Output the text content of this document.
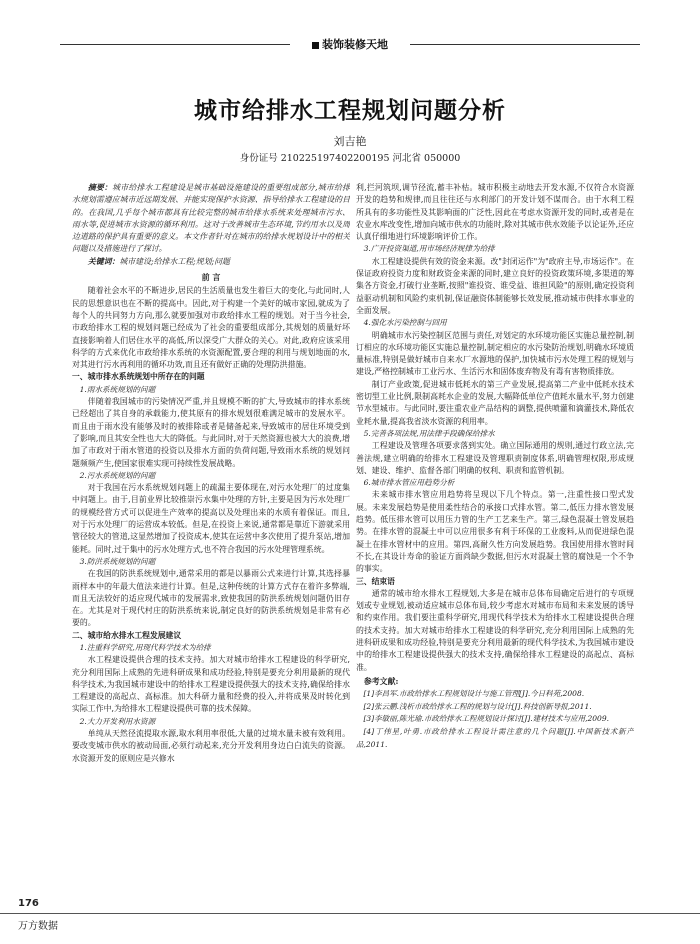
装饰装修天地
城市给排水工程规划问题分析
刘吉艳
身份证号 210225197402200195 河北省 050000

摘要：城市给排水工程建设是城市基础设施建设的重要组成部分,城市给排水规划需遵应城市近远期发展、并能实现保护水资源、指导给排水工程建设的目的。在我国,几乎每个城市都具有比较完整的城市给排水系统来处理城市污水、雨水等,促进城市水资源的循环利用。这对于改善城市生态环境,节约用水以及周边道路的保护具有重要的意义。本文作者针对在城市的给排水规划设计中的相关问题以及措施进行了探讨。

关键词：城市建设;给排水工程;规划;问题

前 言

随着社会水平的不断进步,居民的生活质量也发生着巨大的变化,与此同时,人民的思想意识也在不断的提高中。因此,对于构建一个美好的城市家园,就成为了每个人的共同努力方向,那么就要加强对市政给排水工程的规划。对于当今社会,市政给排水工程的规划问题已经成为了社会的重要组成部分,其规划的质量好坏直接影响着人们居住水平的高低,所以深受广大群众的关心。对此,政府应该采用科学的方式来优化市政给排水系统的水资源配置,要合理的利用与规划地面的水,对其进行污水再利用的循环功效,而且还有做好正确的处理防洪措施。

一、城市排水系统规划中所存在的问题

1.雨水系统规划的问题

伴随着我国城市的污染情况严重,并且规模不断的扩大,导致城市的排水系统已经超出了其自身的承载能力,使其原有的排水规划很难满足城市的发展水平。而且由于雨水没有能够及时的被排除或者是储备起来,导致城市的居住环境受到了影响,而且其安全性也大大的降低。与此同时,对于天然资源也被大大的浪费,增加了市政对于雨水管道的投资以及排水方面的负荷问题,导致雨水系统的规划问题频频产生,使国家很难实现可持续性发展战略。

2.污水系统规划的问题

对于我国在污水系统规划问题上的疏漏主要体现在,对污水处理厂的过度集中问题上。由于,目前业界比较推崇污水集中处理的方针,主要是因为污水处理厂的规模经营方式可以促进生产效率的提高以及处理出来的水质有着保证。而且,对于污水处理厂的运营成本较低。但是,在投资上来说,通常都是靠近下游就采用管径较大的管道,这显然增加了投资成本,使其在运营中多次使用了提升泵站,增加能耗。同时,过于集中的污水处理方式,也不符合我国的污水处理管理系统。

3.防洪系统规划的问题

在我国的防洪系统规划中,通常采用的都是以暴雨公式来进行计算,其选择暴雨样本中的年最大值法来进行计算。但是,这种传统的计算方式存在着许多弊端,而且无法较好的适应现代城市的发展需求,致使我国的防洪系统规划问题仍旧存在。尤其是对于现代村庄的防洪系统来说,制定良好的防洪系统规划是非常有必要的。

二、城市给水排水工程发展建议

1.注重科学研究,用现代科学技术为给排

水工程建设提供合理的技术支持。加大对城市给排水工程建设的科学研究,充分利用国际上成熟的先进科研成果和成功经验,特别是要充分利用最新的现代科学技术,为我国城市建设中的给排水工程建设提供强大的技术支持,确保给排水工程建设的高起点、高标准。加大科研力量和经费的投入,并将成果及时转化到实际工作中,为给排水工程建设提供可靠的技术保障。

2.大力开发利用水资源

单纯从天然径流提取水源,取水利用率很低,大量的过境水量未被有效利用。要改变城市供水的被动局面,必须行动起来,充分开发利用身边白白流失的资源。水资源开发的原则应是兴修水

利,拦河筑坝,调节径流,蓄丰补枯。城市积极主动地去开发水源,不仅符合水资源开发的趋势和规律,而且往往还与水利部门的开发计划不谋而合。由于水利工程所具有的多功能性及其影响面的广泛性,因此在考虑水资源开发的同时,或者是在农业水库改变性,增加向城市供水的功能时,除对其城市供水效能予以论证外,还应认真仔细地进行环境影响评价工作。

3.广开投资渠道,用市场经济规律为给排

水工程建设提供有效的资金来源。改"封闭运作"为"政府主导,市场运作"。在保证政府投资力度和财政资金来源的同时,建立良好的投资政策环境,多渠道的筹集各方资金,打破行业垄断,按照"谁投资、谁受益、谁担风险"的原则,确定投资利益驱动机制和风险约束机制,保证融资体制能够长效发展,推动城市供排水事业的全面发展。

4.强化水污染控制与回用

明确城市水污染控制区范围与责任,对划定的水环境功能区实施总量控制,制订相应的水环境功能区实施总量控制,制定相应的水污染防治规划,明确水环境质量标准,特别是做好城市自来水厂水源地的保护,加快城市污水处理工程的规划与建设,严格控制城市工业污水、生活污水和固体废弃物及有毒有害物质排放。

制订产业政策,促进城市低耗水的第三产业发展,提高第二产业中低耗水技术密切型工业比例,限制高耗水企业的发展,大幅降低单位产值耗水量水平,努力创建节水型城市。与此同时,要注重农业产品结构的调整,提供喷灌和滴灌技术,降低农业耗水量,提高我省淡水资源的利用率。

5.完善各项法规,用法律手段确保给排水

工程建设及管理各项要求落到实处。确立国际通用的规则,通过行政立法,完善法规,建立明确的给排水工程建设及管理职责制度体系,明确管理权限,形成规划、建设、维护、监督各部门明确的权利、职责和监管机制。

6.城市排水管应用趋势分析

未来城市排水管应用趋势将呈现以下几个特点。第一,注重性接口型式发展。未来发展趋势是使用柔性结合的承接口式排水管。第二,低压力排水管发展趋势。低压排水管可以用压力管的生产工艺来生产。第三,绿色混凝土管发展趋势。在排水管的混凝土中可以应用很多有利于环保的工业废料,从而促进绿色混凝土在排水管材中的应用。第四,高耐久性方向发展趋势。我国使用排水管时间不长,在其设计寿命的验证方面尚缺少数据,但污水对混凝土管的腐蚀是一个不争的事实。

三、结束语

通常的城市给水排水工程规划,大多是在城市总体布局确定后进行的专项规划或专业规划,被动适应城市总体布局,较少考虑水对城市布局和未来发展的诱导和约束作用。我们要注重科学研究,用现代科学技术为给排水工程建设提供合理的技术支持。加大对城市给排水工程建设的科学研究,充分利用国际上成熟的先进科研成果和成功经验,特别是要充分利用最新的现代科学技术,为我国城市建设中的给排水工程建设提供强大的技术支持,确保给排水工程建设的高起点、高标准。

参考文献:

[1]李昌军.市政给排水工程规划设计与施工管理[J].今日科苑,2008.

[2]张云鹏.浅析市政给排水工程的规划与设计[J].科技创新导报,2011.

[3]李敏丽,陈光瑜.市政给排水工程规划设计探讨[J].建材技术与应用,2009.

[4]丁伟星,叶勇.市政给排水工程设计需注意的几个问题[J].中国新技术新产品,2011.

176
万方数据
